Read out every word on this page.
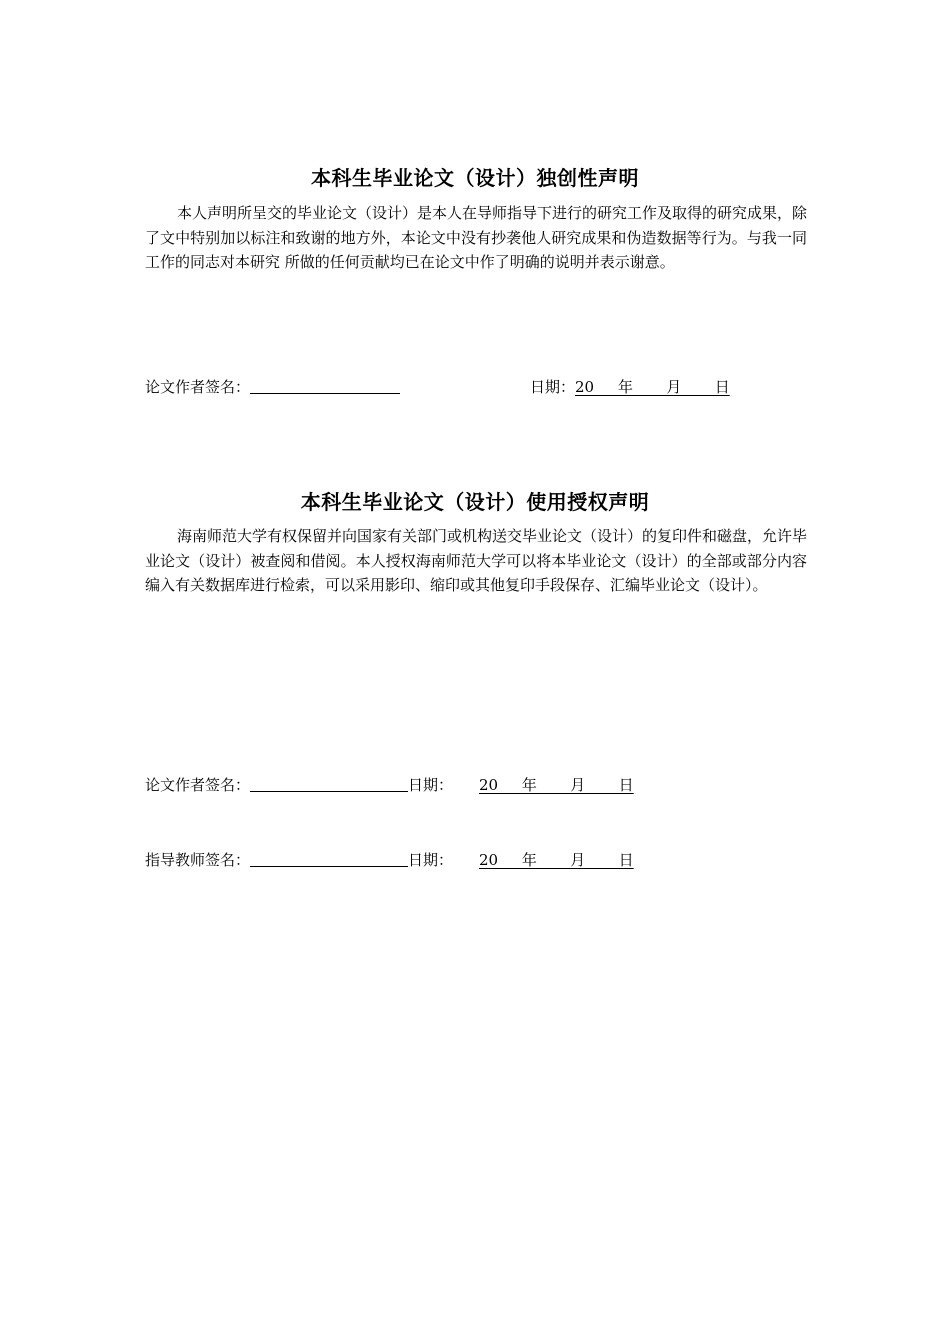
本科生毕业论文（设计）独创性声明

本人声明所呈交的毕业论文（设计）是本人在导师指导下进行的研究工作及取得的研究成果，除了文中特别加以标注和致谢的地方外，本论文中没有抄袭他人研究成果和伪造数据等行为。与我一同工作的同志对本研究 所做的任何贡献均已在论文中作了明确的说明并表示谢意。

论文作者签名：	日期：20     年       月       日
本科生毕业论文（设计）使用授权声明

海南师范大学有权保留并向国家有关部门或机构送交毕业论文（设计）的复印件和磁盘，允许毕业论文（设计）被查阅和借阅。本人授权海南师范大学可以将本毕业论文（设计）的全部或部分内容编入有关数据库进行检索，可以采用影印、缩印或其他复印手段保存、汇编毕业论文（设计）。

论文作者签名：	日期： 20     年       月       日
指导教师签名：	日期： 20     年       月       日
